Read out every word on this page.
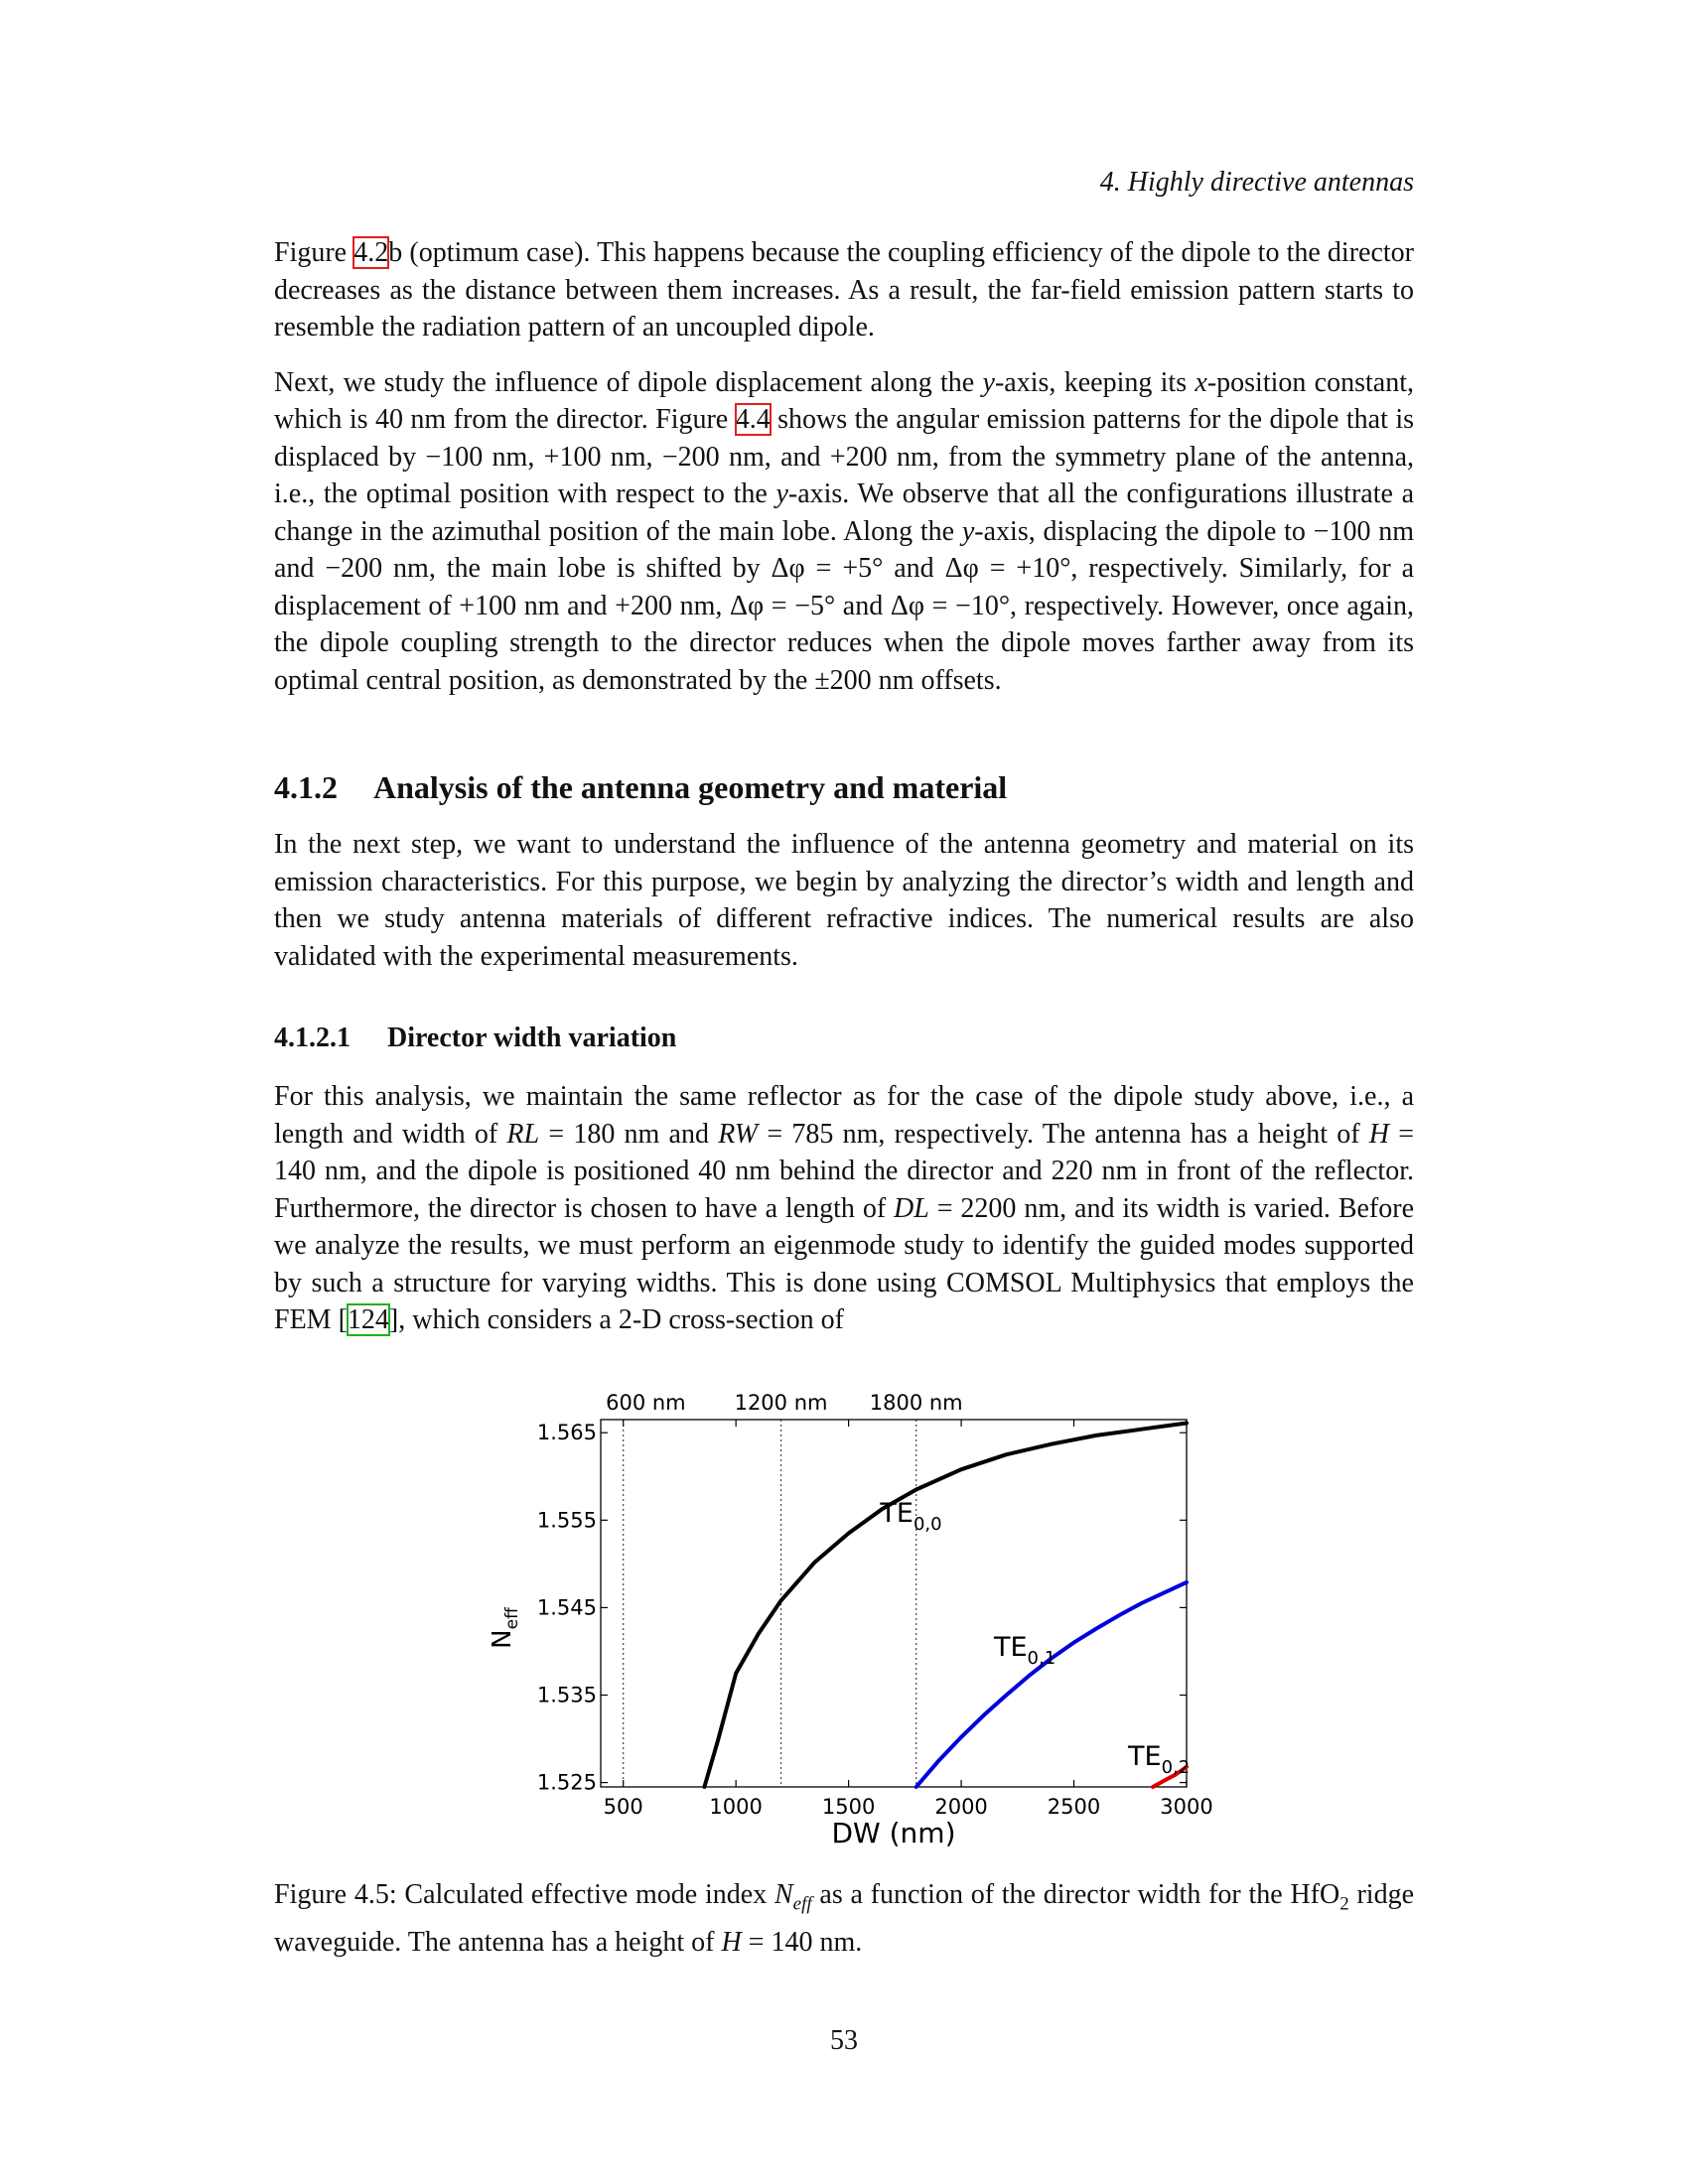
4. Highly directive antennas

Figure 4.2b (optimum case). This happens because the coupling efficiency of the dipole to the director decreases as the distance between them increases. As a result, the far-field emission pattern starts to resemble the radiation pattern of an uncoupled dipole.

Next, we study the influence of dipole displacement along the y-axis, keeping its x-position constant, which is 40 nm from the director. Figure 4.4 shows the angular emission patterns for the dipole that is displaced by −100 nm, +100 nm, −200 nm, and +200 nm, from the symmetry plane of the antenna, i.e., the optimal position with respect to the y-axis. We observe that all the configurations illustrate a change in the azimuthal position of the main lobe. Along the y-axis, displacing the dipole to −100 nm and −200 nm, the main lobe is shifted by Δφ = +5° and Δφ = +10°, respectively. Similarly, for a displacement of +100 nm and +200 nm, Δφ = −5° and Δφ = −10°, respectively. However, once again, the dipole coupling strength to the director reduces when the dipole moves farther away from its optimal central position, as demonstrated by the ±200 nm offsets.

4.1.2 Analysis of the antenna geometry and material

In the next step, we want to understand the influence of the antenna geometry and material on its emission characteristics. For this purpose, we begin by analyzing the director’s width and length and then we study antenna materials of different refractive indices. The numerical results are also validated with the experimental measurements.

4.1.2.1 Director width variation

For this analysis, we maintain the same reflector as for the case of the dipole study above, i.e., a length and width of RL = 180 nm and RW = 785 nm, respectively. The antenna has a height of H = 140 nm, and the dipole is positioned 40 nm behind the director and 220 nm in front of the reflector. Furthermore, the director is chosen to have a length of DL = 2200 nm, and its width is varied. Before we analyze the results, we must perform an eigenmode study to identify the guided modes supported by such a structure for varying widths. This is done using COMSOL Multiphysics that employs the FEM [124], which considers a 2-D cross-section of

500	1000	1500	2000	2500	3000
1.525
1.535
1.545
1.555
1.565
600 nm 1200 nm 1800 nm
$TE_{0,0}$
$TE_{0,1}$
$TE_{0,2}$
DW (nm)
$N_{eff}$
Figure 4.5: Calculated effective mode index $N_{eff}$ as a function of the director width for the HfO$_2$ ridge waveguide. The antenna has a height of H = 140 nm.
53
